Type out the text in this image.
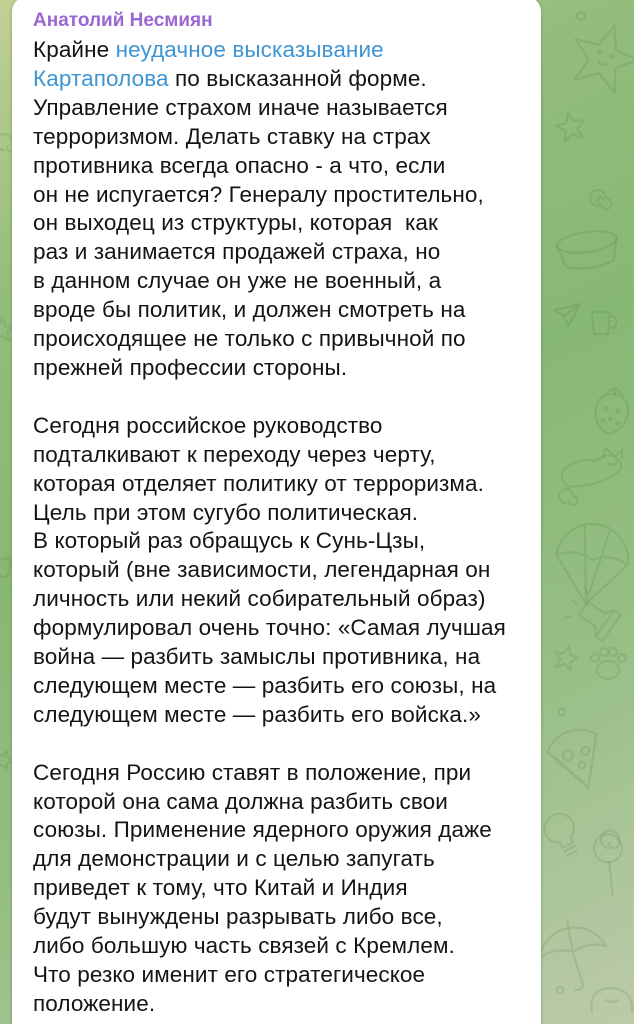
Анатолий Несмиян
Крайне неудачное высказывание
Картаполова по высказанной форме.
Управление страхом иначе называется
терроризмом. Делать ставку на страх
противника всегда опасно - а что, если
он не испугается? Генералу простительно,
он выходец из структуры, которая  как
раз и занимается продажей страха, но
в данном случае он уже не военный, а
вроде бы политик, и должен смотреть на
происходящее не только с привычной по
прежней профессии стороны.

Сегодня российское руководство
подталкивают к переходу через черту,
которая отделяет политику от терроризма.
Цель при этом сугубо политическая.
В который раз обращусь к Сунь-Цзы,
который (вне зависимости, легендарная он
личность или некий собирательный образ)
формулировал очень точно: «Самая лучшая
война — разбить замыслы противника, на
следующем месте — разбить его союзы, на
следующем месте — разбить его войска.»

Сегодня Россию ставят в положение, при
которой она сама должна разбить свои
союзы. Применение ядерного оружия даже
для демонстрации и с целью запугать
приведет к тому, что Китай и Индия
будут вынуждены разрывать либо все,
либо большую часть связей с Кремлем.
Что резко именит его стратегическое
положение.
